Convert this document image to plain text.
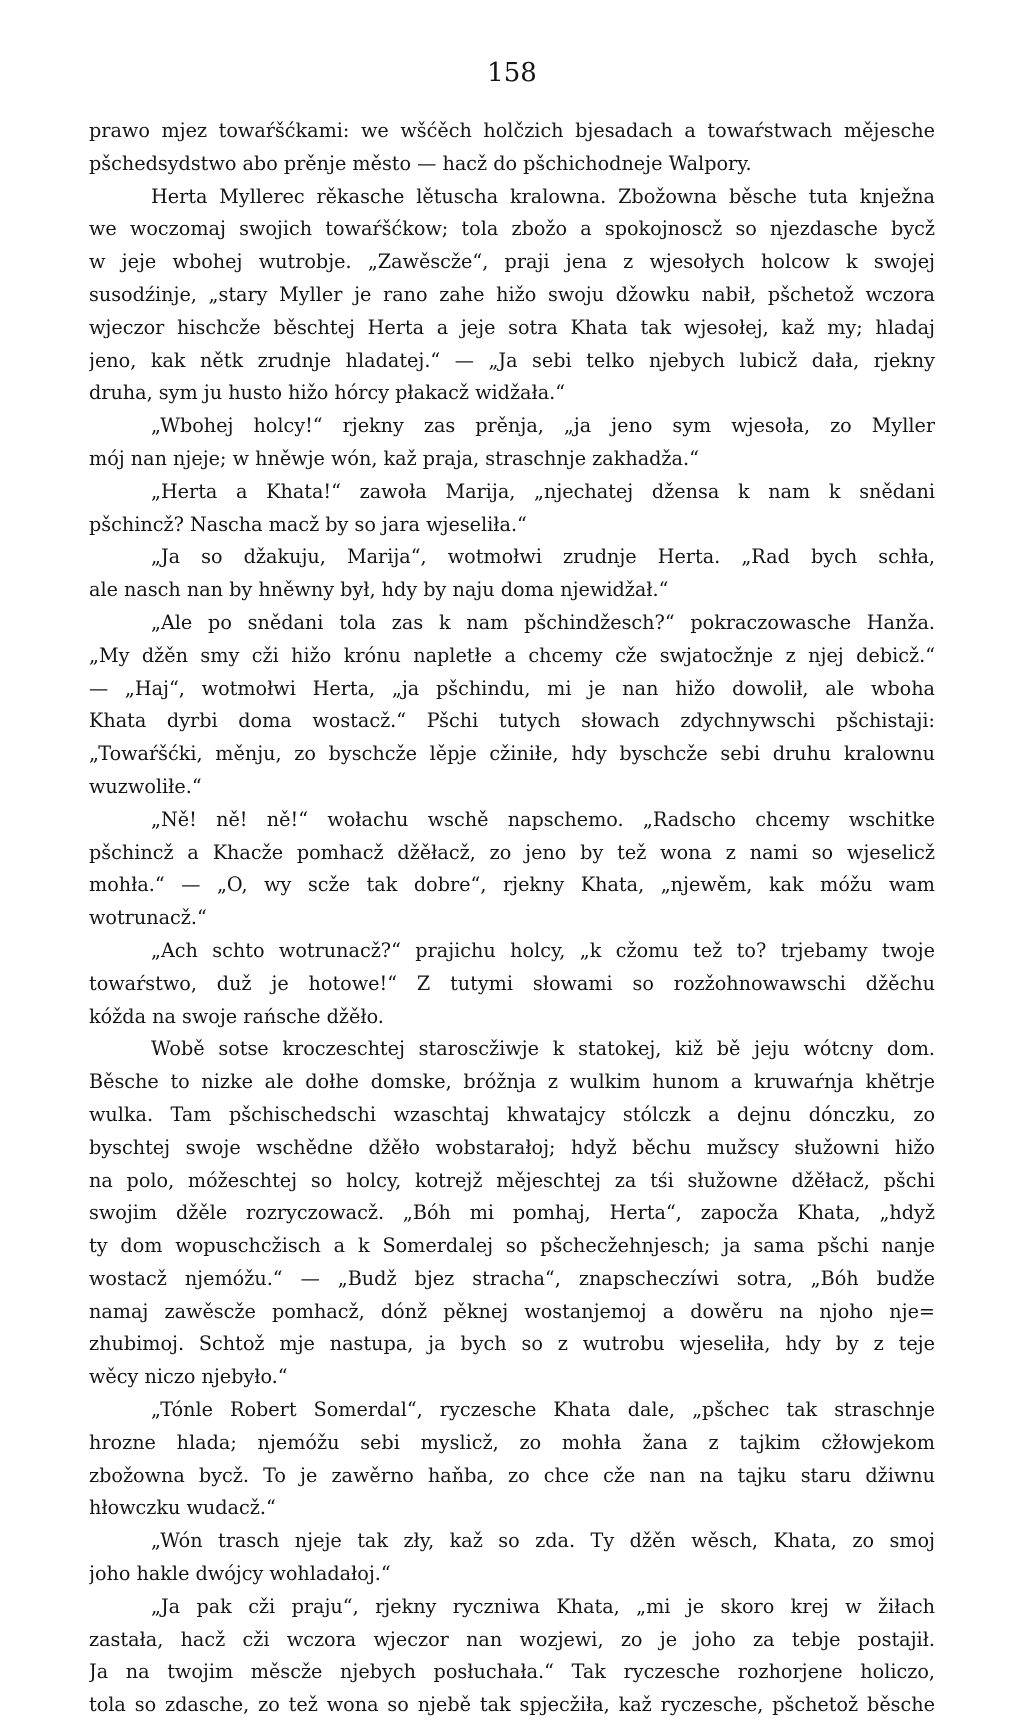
158
prawo mjez towaŕšćkami: we wšćěch holčzich bjesadach a towaŕstwach mějesche
pšchedsydstwo abo prěnje město — hacž do pšchichodneje Walpory.
Herta Myllerec rěkasche lětuscha kralowna. Zbožowna běsche tuta knježna
we woczomaj swojich towaŕšćkow; tola zbožo a spokojnoscž so njezdasche bycž
w jeje wbohej wutrobje. „Zawěscže“, praji jena z wjesołych holcow k swojej
susodźinje, „stary Myller je rano zahe hižo swoju džowku nabił, pšchetož wczora
wjeczor hischcže běschtej Herta a jeje sotra Khata tak wjesołej, kaž my; hladaj
jeno, kak nětk zrudnje hladatej.“ — „Ja sebi telko njebych lubicž dała, rjekny
druha, sym ju husto hižo hórcy płakacž widžała.“
„Wbohej holcy!“ rjekny zas prěnja, „ja jeno sym wjesoła, zo Myller
mój nan njeje; w hněwje wón, kaž praja, straschnje zakhadža.“
„Herta a Khata!“ zawoła Marija, „njechatej džensa k nam k snědani
pšchincž? Nascha macž by so jara wjeseliła.“
„Ja so džakuju, Marija“, wotmołwi zrudnje Herta. „Rad bych schła,
ale nasch nan by hněwny był, hdy by naju doma njewidžał.“
„Ale po snědani tola zas k nam pšchindžesch?“ pokraczowasche Hanža.
„My džěn smy cži hižo krónu napletłe a chcemy cže swjatocžnje z njej debicž.“
— „Haj“, wotmołwi Herta, „ja pšchindu, mi je nan hižo dowolił, ale wboha
Khata dyrbi doma wostacž.“ Pšchi tutych słowach zdychnywschi pšchistaji:
„Towaŕšćki, měnju, zo byschcže lěpje cžiniłe, hdy byschcže sebi druhu kralownu
wuzwoliłe.“
„Ně! ně! ně!“ wołachu wschě napschemo. „Radscho chcemy wschitke
pšchincž a Khacže pomhacž džěłacž, zo jeno by tež wona z nami so wjeselicž
mohła.“ — „O, wy scže tak dobre“, rjekny Khata, „njewěm, kak móžu wam
wotrunacž.“
„Ach schto wotrunacž?“ prajichu holcy, „k cžomu tež to? trjebamy twoje
towaŕstwo, duž je hotowe!“ Z tutymi słowami so rozžohnowawschi džěchu
kóžda na swoje rańsche džěło.
Wobě sotse kroczeschtej staroscžiwje k statokej, kiž bě jeju wótcny dom.
Běsche to nizke ale dołhe domske, bróžnja z wulkim hunom a kruwaŕnja khětrje
wulka. Tam pšchischedschi wzaschtaj khwatajcy stólczk a dejnu dónczku, zo
byschtej swoje wschědne džěło wobstarałoj; hdyž běchu mužscy słužowni hižo
na polo, móžeschtej so holcy, kotrejž mějeschtej za tśi słužowne džěłacž, pšchi
swojim džěle rozryczowacž. „Bóh mi pomhaj, Herta“, zapocža Khata, „hdyž
ty dom wopuschcžisch a k Somerdalej so pšchecžehnjesch; ja sama pšchi nanje
wostacž njemóžu.“ — „Budž bjez stracha“, znapscheczíwi sotra, „Bóh budže
namaj zawěscže pomhacž, dónž pěknej wostanjemoj a dowěru na njoho nje=
zhubimoj. Schtož mje nastupa, ja bych so z wutrobu wjeseliła, hdy by z teje
wěcy niczo njebyło.“
„Tónle Robert Somerdal“, ryczesche Khata dale, „pšchec tak straschnje
hrozne hlada; njemóžu sebi myslicž, zo mohła žana z tajkim cžłowjekom
zbožowna bycž. To je zawěrno haňba, zo chce cže nan na tajku staru džiwnu
hłowczku wudacž.“
„Wón trasch njeje tak zły, kaž so zda. Ty džěn wěsch, Khata, zo smoj
joho hakle dwójcy wohladałoj.“
„Ja pak cži praju“, rjekny ryczniwa Khata, „mi je skoro krej w žiłach
zastała, hacž cži wczora wjeczor nan wozjewi, zo je joho za tebje postajił.
Ja na twojim měscže njebych posłuchała.“ Tak ryczesche rozhorjene holiczo,
tola so zdasche, zo tež wona so njebě tak spjecžiła, kaž ryczesche, pšchetož běsche
